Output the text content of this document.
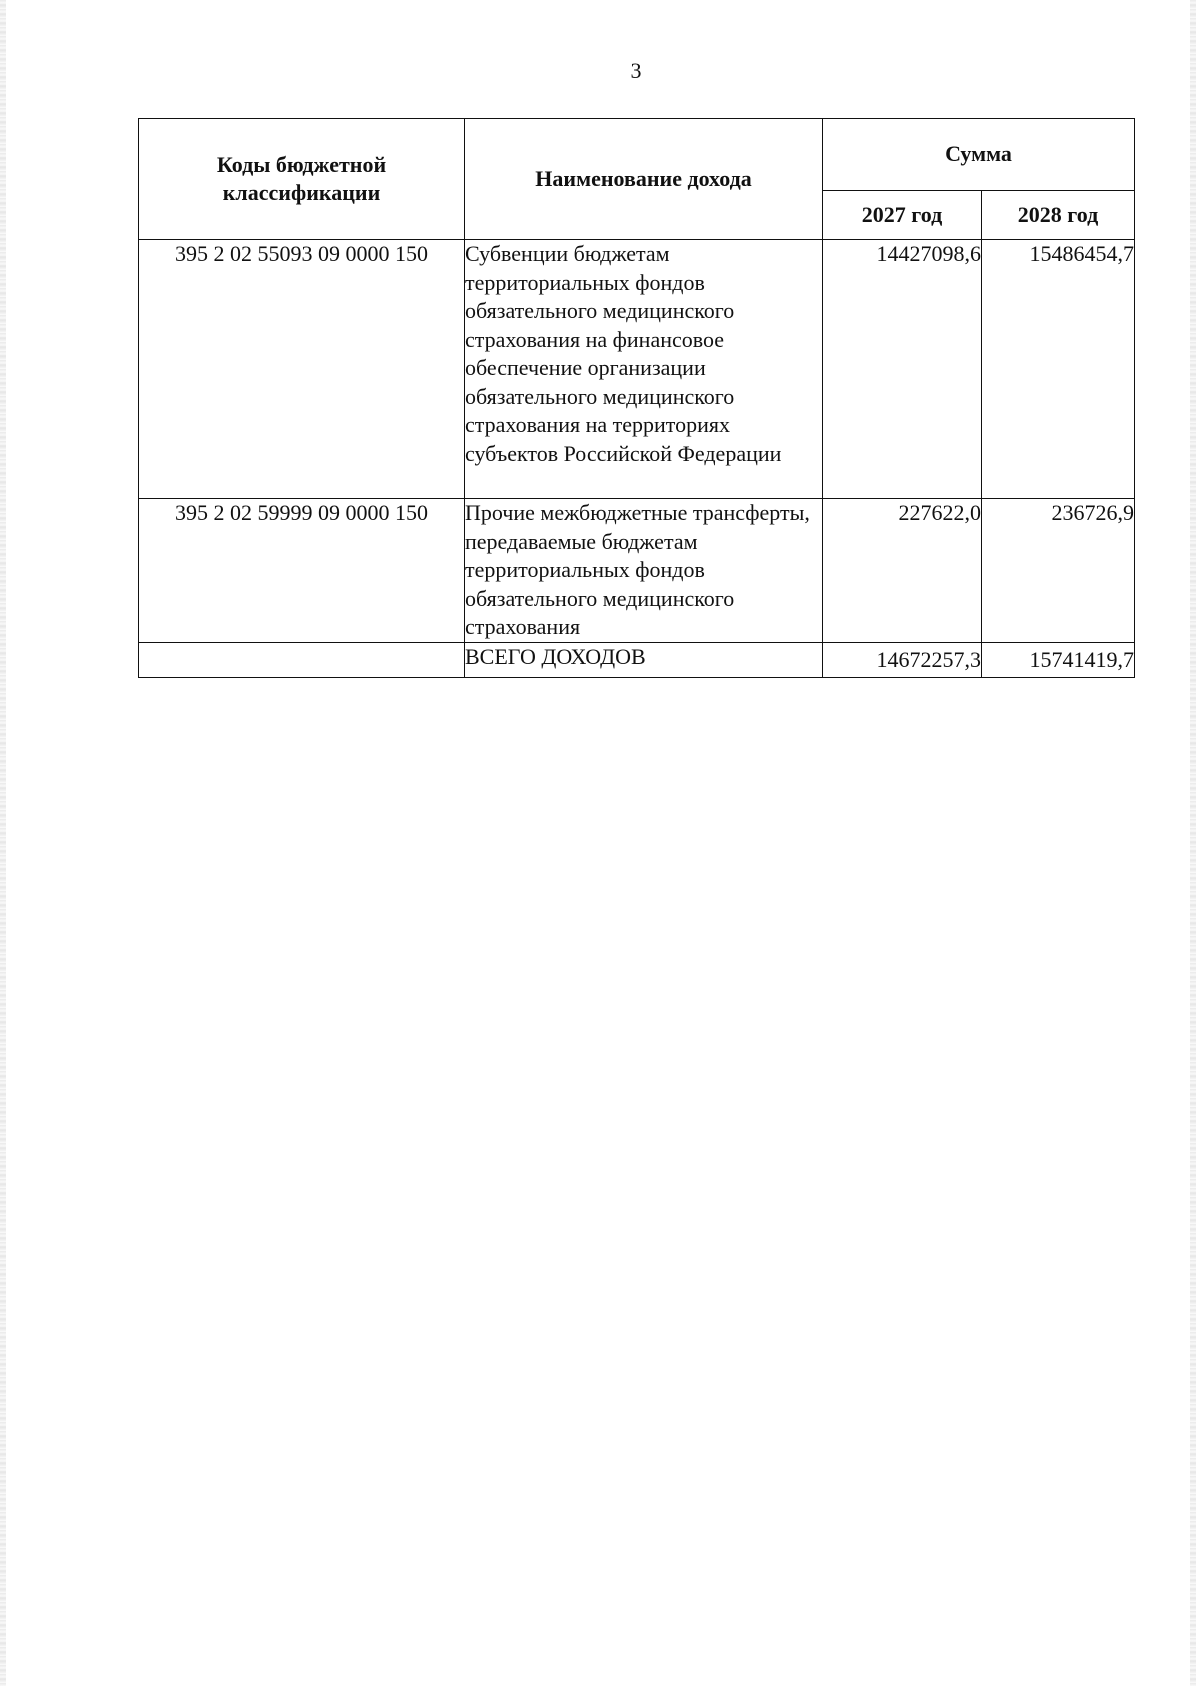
3
Коды бюджетной классификации	Наименование дохода	Сумма	
		2027 год	2028 год
395 2 02 55093 09 0000 150	Субвенции бюджетам территориальных фондов обязательного медицинского страхования на финансовое обеспечение организации обязательного медицинского страхования на территориях субъектов Российской Федерации	14427098,6	15486454,7
395 2 02 59999 09 0000 150	Прочие межбюджетные трансферты, передаваемые бюджетам территориальных фондов обязательного медицинского страхования	227622,0	236726,9
	ВСЕГО ДОХОДОВ	14672257,3	15741419,7
